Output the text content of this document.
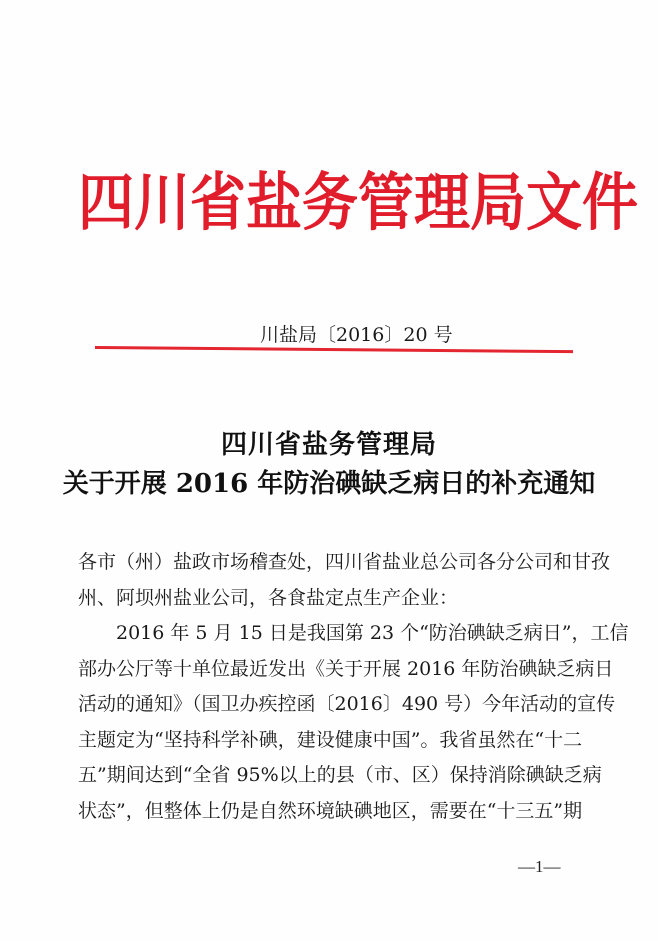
四川省盐务管理局文件
川盐局〔2016〕20 号
四川省盐务管理局
关于开展 2016 年防治碘缺乏病日的补充通知
各市（州）盐政市场稽查处，四川省盐业总公司各分公司和甘孜
州、阿坝州盐业公司，各食盐定点生产企业：
2016 年 5 月 15 日是我国第 23 个“防治碘缺乏病日”，工信
部办公厅等十单位最近发出《关于开展 2016 年防治碘缺乏病日
活动的通知》（国卫办疾控函〔2016〕490 号）今年活动的宣传
主题定为“坚持科学补碘，建设健康中国”。我省虽然在“十二
五”期间达到“全省 95%以上的县（市、区）保持消除碘缺乏病
状态”，但整体上仍是自然环境缺碘地区，需要在“十三五”期
—1—
